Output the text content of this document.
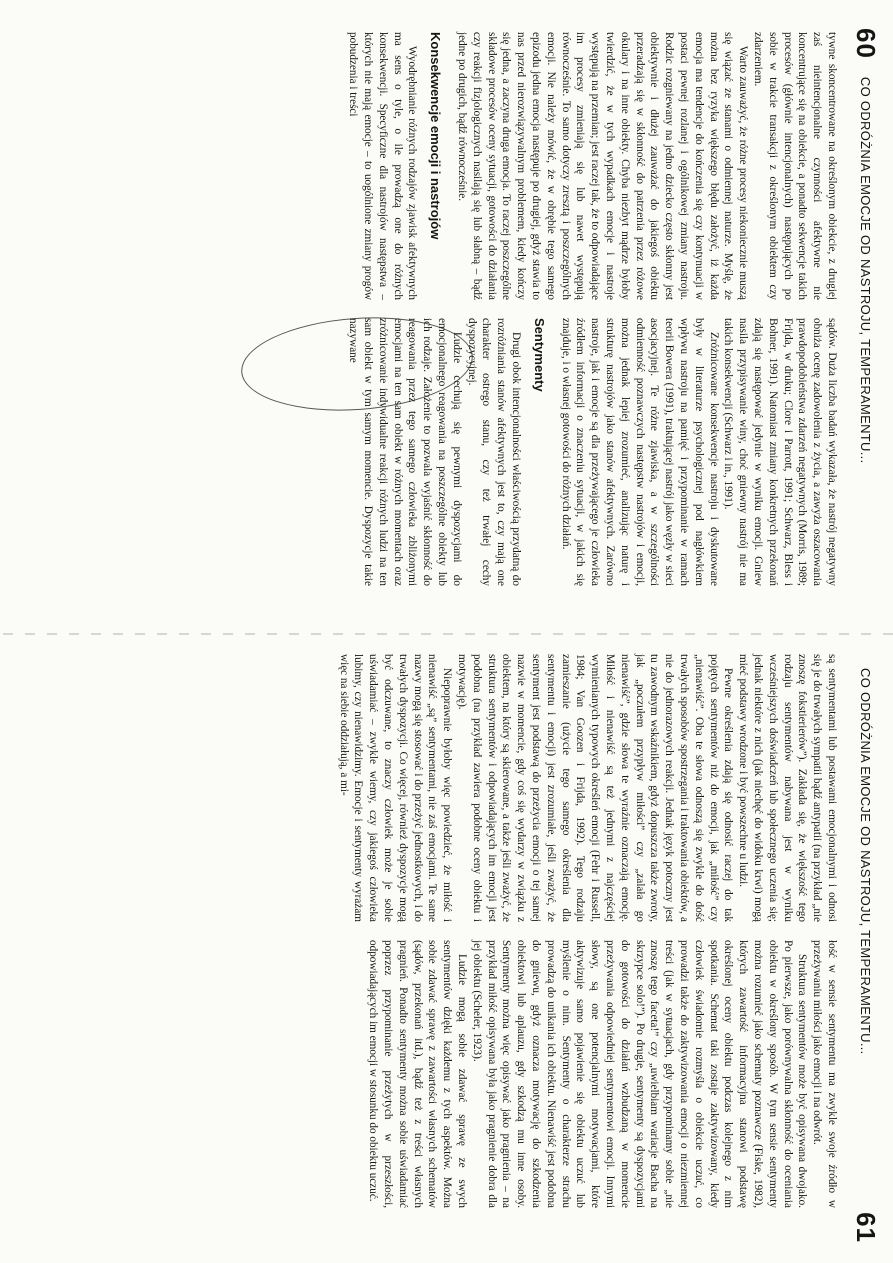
60
CO ODRÓŻNIA EMOCJE OD NASTROJU, TEMPERAMENTU...

tywne skoncentrowane na określonym obiekcie, z drugiej zaś nieintencjonalne czynności afektywne nie koncentrujące się na obiekcie, a ponadto sekwencje takich procesów (głównie intencjonalnych) następujących po sobie w trakcie transakcji z określonym obiektem czy zdarzeniem.

Warto zauważyć, że różne procesy niekoniecznie muszą się wiązać ze stanami o odmiennej naturze. Myślę, że można bez ryzyka większego błędu założyć, iż każda emocja ma tendencje do kończenia się czy kontynuacji w postaci pewnej rozlanej i ogólnikowej zmiany nastroju. Rodzic rozgniewany na jedno dziecko często skłonny jest obiektywnie i dłużej zauważać do jakiegoś obiektu przeradzają się w skłonność do patrzenia przez różowe okulary i na inne obiekty. Chyba niezbyt mądrze byłoby twierdzić, że w tych wypadkach emocje i nastroje występują na przemian; jest raczej tak, że to odpowiadające im procesy zmieniają się lub nawet występują równocześnie. To samo dotyczy zresztą i poszczególnych emocji. Nie należy mówić, że w obrębie tego samego epizodu jedna emocja następuje po drugiej, gdyż stawia to nas przed nierozwiązywalnym problemem, kiedy kończy się jedna, a zaczyna druga emocja. To raczej poszczególne składowe procesów oceny sytuacji, gotowości do działania czy reakcji fizjologicznych nasilają się lub słabną – bądź jedne po drugich, bądź równocześnie.

Konsekwencje emocji i nastrojów

Wyodrębnianie różnych rodzajów zjawisk afektywnych ma sens o tyle, o ile prowadzą one do różnych konsekwencji. Specyficzne dla nastrojów następstwa – których nie mają emocje – to uogólnione zmiany progów pobudzenia i treści

sądów. Duża liczba badań wykazała, że nastrój negatywny obniża ocenę zadowolenia z życia, a zawyża oszacowania prawdopodobieństwa zdarzeń negatywnych (Morris, 1989; Frijda, w druku; Clore i Parrott, 1991; Schwarz, Bless i Bohner, 1991). Natomiast zmiany konkretnych przekonań zdają się następować jedynie w wyniku emocji. Gniew nasila przypisywanie winy, choć gniewny nastrój nie ma takich konsekwencji (Schwarz i in., 1991).

Zróżnicowane konsekwencje nastroju i dyskutowane były w literaturze psychologicznej pod nagłówkiem wpływu nastroju na pamięć i przypominanie w ramach teorii Bowera (1991), traktującej nastrój jako węzły w sieci asocjacyjnej. Te różne zjawiska, a w szczególności odmienność poznawczych następstw nastrojów i emocji, można jednak lepiej zrozumieć, analizując naturę i strukturę nastrojów jako stanów afektywnych. Zarówno nastroje, jak i emocje są dla przeżywającego je człowieka źródłem informacji o znaczeniu sytuacji, w jakich się znajduje, i o własnej gotowości do różnych działań.

Sentymenty

Drugi obok intencjonalności właściwością przydatną do rozróżniania stanów afektywnych jest to, czy mają one charakter ostrego stanu, czy też trwałej cechy dyspozycyjnej.

Ludzie cechują się pewnymi dyspozycjami do emocjonalnego reagowania na poszczególne obiekty lub ich rodzaje. Założenie to pozwala wyjaśnić skłonność do reagowania przez tego samego człowieka zbliżonymi emocjami na ten sam obiekt w różnych momentach oraz zróżnicowanie indywidualne reakcji różnych ludzi na ten sam obiekt w tym samym momencie. Dyspozycje takie nazywane

CO ODRÓŻNIA EMOCJE OD NASTROJU, TEMPERAMENTU...
61

są sentymentami lub postawami emocjonalnymi i odnosi się je do trwałych sympatii bądź antypatii (na przykład „nie znoszę fokstierierów”). Zakłada się, że większość tego rodzaju sentymentów nabywana jest w wyniku wcześniejszych doświadczeń lub społecznego uczenia się; jednak niektóre z nich (jak niechęć do widoku krwi) mogą mieć podstawy wrodzone i być powszechne u ludzi.

Pewne określenia zdają się odnosić raczej do tak pojętych sentymentów niż do emocji, jak „miłość” czy „nienawiść”. Oba te słowa odnoszą się zwykle do dość trwałych sposobów spostrzegania i traktowania obiektów, a nie do jednorazowych reakcji. Jednak język potoczny jest tu zawodnym wskaźnikiem, gdyż dopuszcza także zwroty, jak „poczułem przypływ miłości” czy „zalała go nienawiść”, gdzie słowa te wyraźnie oznaczają emocję. Miłość i nienawiść są też jednymi z najczęściej wymienianych typowych określeń emocji (Fehr i Russell, 1984; Van Goozen i Frijda, 1992). Tego rodzaju zamieszanie (użycie tego samego określenia dla sentymentu i emocji) jest zrozumiałe, jeśli zważyć, że sentyment jest podstawą do przeżycia emocji o tej samej nazwie w momencie, gdy coś się wydarzy w związku z obiektem, na który są skierowane, a także jeśli zważyć, że struktura sentymentów i odpowiadających im emocji jest podobna (na przykład zawiera podobne oceny obiektu i motywację).

Niepoprawnie byłoby więc powiedzieć, że miłość i nienawiść „są” sentymentami, nie zaś emocjami. Te same nazwy mogą się stosować i do przeżyć jednostkowych, i do trwałych dyspozycji. Co więcej, również dyspozycje mogą być odczuwane, to znaczy człowiek może je sobie uświadamiać – zwykle wiemy, czy jakiegoś człowieka lubimy, czy nienawidzimy. Emocje i sentymenty wyrażam więc na siebie oddziałują, a mi-

łość w sensie sentymentu ma zwykle swoje źródło w przeżywaniu miłości jako emocji i na odwrót.

Struktura sentymentów może być opisywana dwojako. Po pierwsze, jako porównywalna skłonność do oceniania obiektu w określony sposób. W tym sensie sentymenty można rozumieć jako schematy poznawcze (Fiske, 1982), których zawartość informacyjna stanowi podstawę określonej oceny obiektu podczas kolejnego z nim spotkania. Schemat taki zostaje zaktywizowany, kiedy człowiek świadomie rozmyśla o obiekcie uczuć, co prowadzi także do zaktywizowania emocji o niezmiennej treści (jak w sytuacjach, gdy przypominamy sobie „nie znoszę tego faceta!” czy „uwielbiam wariacje Bacha na skrzypce solo!”). Po drugie, sentymenty są dyspozycjami do gotowości do działań wzbudzaną w momencie przeżywania odpowiedniej sentymentowi emocji. Innymi słowy, są one potencjalnymi motywacjami, które aktywizuje samo pojawienie się obiektu uczuć lub myślenie o nim. Sentymenty o charakterze strachu prowadzą do unikania ich obiektu. Nienawiść jest podobna do gniewu, gdyż oznacza motywację do szkodzenia obiektowi lub aplauzu, gdy szkodzą mu inne osoby. Sentymenty można więc opisywać jako pragnienia – na przykład miłość opisywana była jako pragnienie dobra dla jej obiektu (Scheler, 1923).

Ludzie mogą sobie zdawać sprawę ze swych sentymentów dzięki każdemu z tych aspektów. Można sobie zdawać sprawę z zawartości własnych schematów (sądów, przekonań itd.), bądź też z treści własnych pragnień. Ponadto sentymenty można sobie uświadamiać poprzez przypominanie przeżytych w przeszłości, odpowiadających im emocji w stosunku do obiektu uczuć.
